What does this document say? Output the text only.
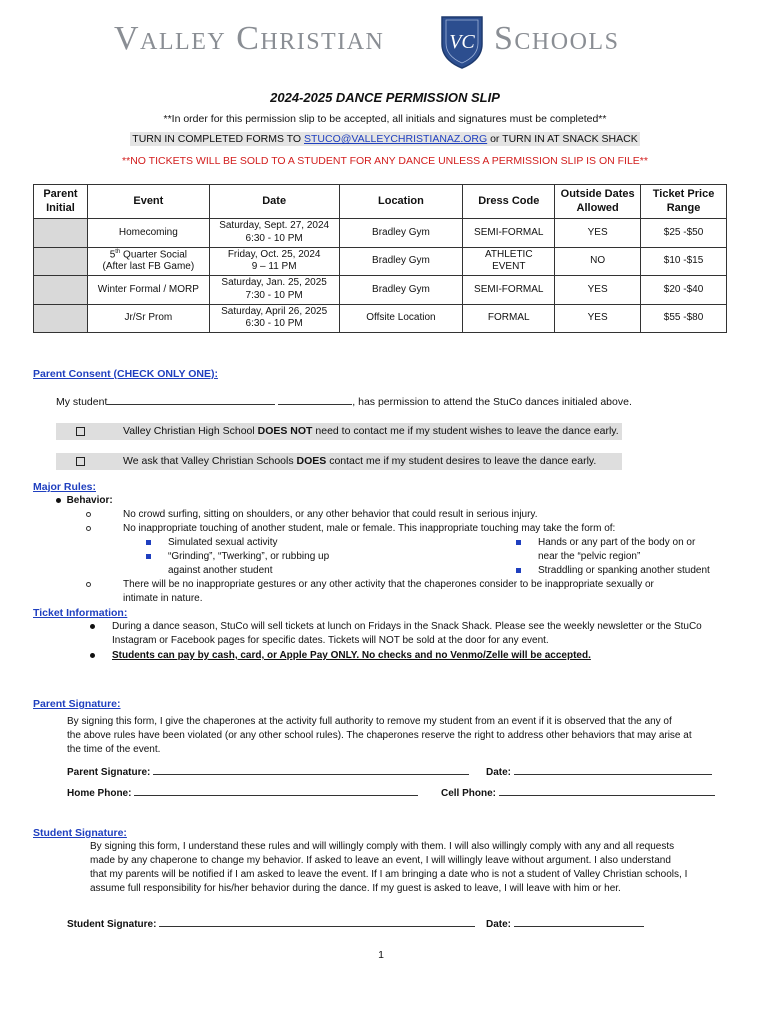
Valley Christian	VC Schools
2024-2025 DANCE PERMISSION SLIP
**In order for this permission slip to be accepted, all initials and signatures must be completed**
TURN IN COMPLETED FORMS TO STUCO@VALLEYCHRISTIANAZ.ORG or TURN IN AT SNACK SHACK
**NO TICKETS WILL BE SOLD TO A STUDENT FOR ANY DANCE UNLESS A PERMISSION SLIP IS ON FILE**
Parent Initial	Event	Date	Location	Dress Code	Outside Dates Allowed	Ticket Price Range
	Homecoming	Saturday, Sept. 27, 2024
6:30 - 10 PM	Bradley Gym	SEMI-FORMAL	YES	$25 -$50
	5th Quarter Social
(After last FB Game)	Friday, Oct. 25, 2024
9 – 11 PM	Bradley Gym	ATHLETIC
EVENT	NO	$10 -$15
	Winter Formal / MORP	Saturday, Jan. 25, 2025
7:30 - 10 PM	Bradley Gym	SEMI-FORMAL	YES	$20 -$40
	Jr/Sr Prom	Saturday, April 26, 2025
6:30 - 10 PM	Offsite Location	FORMAL	YES	$55 -$80
Parent Consent (CHECK ONLY ONE):
My student	, has permission to attend the StuCo dances initialed above.
Valley Christian High School DOES NOT need to contact me if my student wishes to leave the dance early.
We ask that Valley Christian Schools DOES contact me if my student desires to leave the dance early.
Major Rules:
Behavior:
No crowd surfing, sitting on shoulders, or any other behavior that could result in serious injury.
No inappropriate touching of another student, male or female. This inappropriate touching may take the form of:
Simulated sexual activity
“Grinding”, “Twerking”, or rubbing up
against another student
Hands or any part of the body on or
near the “pelvic region”
Straddling or spanking another student
There will be no inappropriate gestures or any other activity that the chaperones consider to be inappropriate sexually or
intimate in nature.
Ticket Information:
During a dance season, StuCo will sell tickets at lunch on Fridays in the Snack Shack. Please see the weekly newsletter or the StuCo
Instagram or Facebook pages for specific dates. Tickets will NOT be sold at the door for any event.
Students can pay by cash, card, or Apple Pay ONLY. No checks and no Venmo/Zelle will be accepted.
Parent Signature:
By signing this form, I give the chaperones at the activity full authority to remove my student from an event if it is observed that the any of
the above rules have been violated (or any other school rules). The chaperones reserve the right to address other behaviors that may arise at
the time of the event.
Parent Signature:	Date:
Home Phone:	Cell Phone:
Student Signature:
By signing this form, I understand these rules and will willingly comply with them. I will also willingly comply with any and all requests
made by any chaperone to change my behavior. If asked to leave an event, I will willingly leave without argument. I also understand
that my parents will be notified if I am asked to leave the event. If I am bringing a date who is not a student of Valley Christian schools, I
assume full responsibility for his/her behavior during the dance. If my guest is asked to leave, I will leave with him or her.
Student Signature:	Date:
1
